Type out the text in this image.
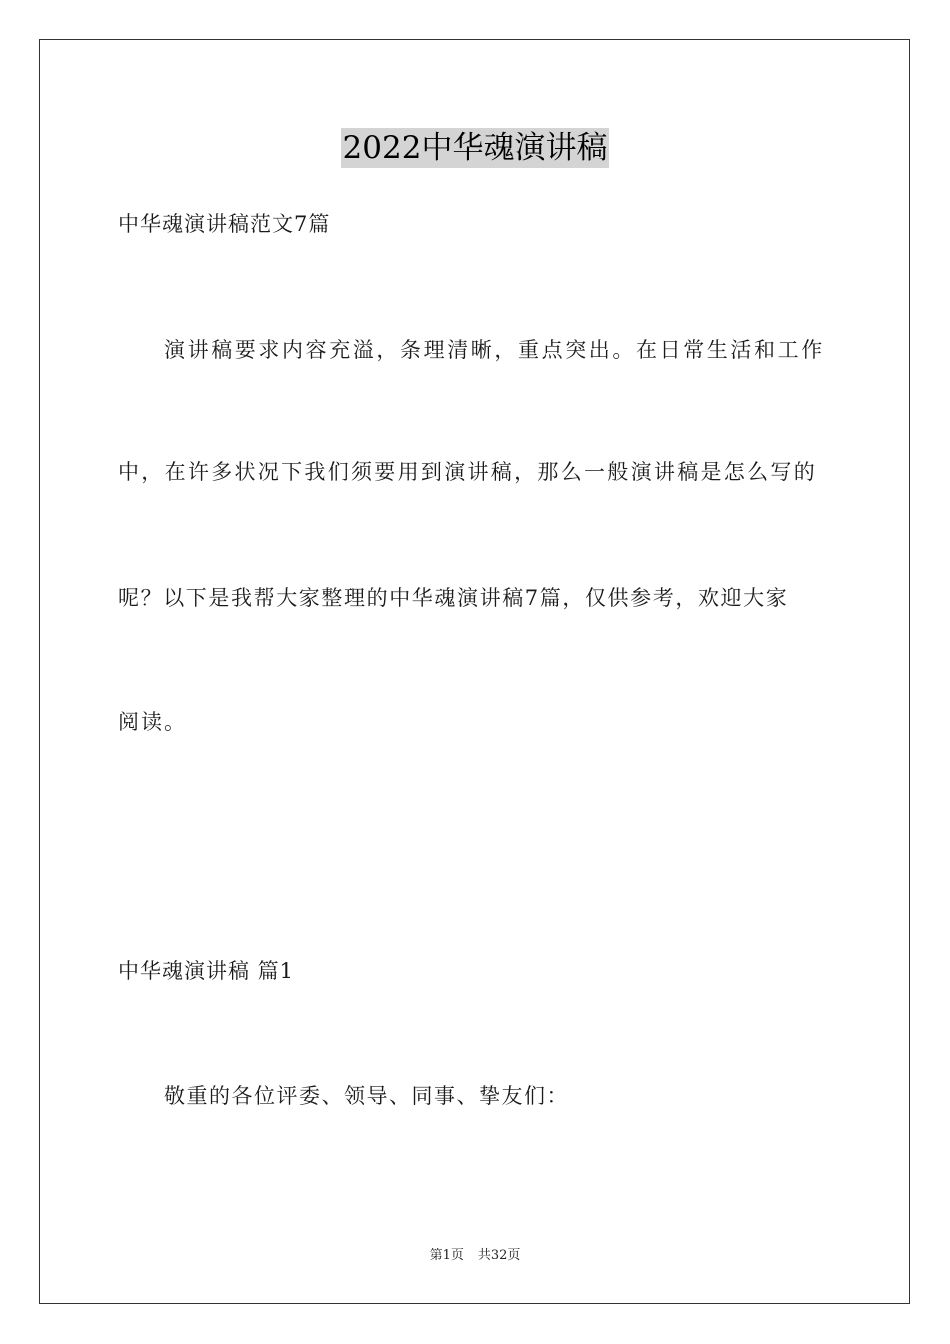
2022中华魂演讲稿
中华魂演讲稿范文7篇
演讲稿要求内容充溢，条理清晰，重点突出。在日常生活和工作
中，在许多状况下我们须要用到演讲稿，那么一般演讲稿是怎么写的
呢？以下是我帮大家整理的中华魂演讲稿7篇，仅供参考，欢迎大家
阅读。
中华魂演讲稿 篇1
敬重的各位评委、领导、同事、挚友们：
第1页 共32页
